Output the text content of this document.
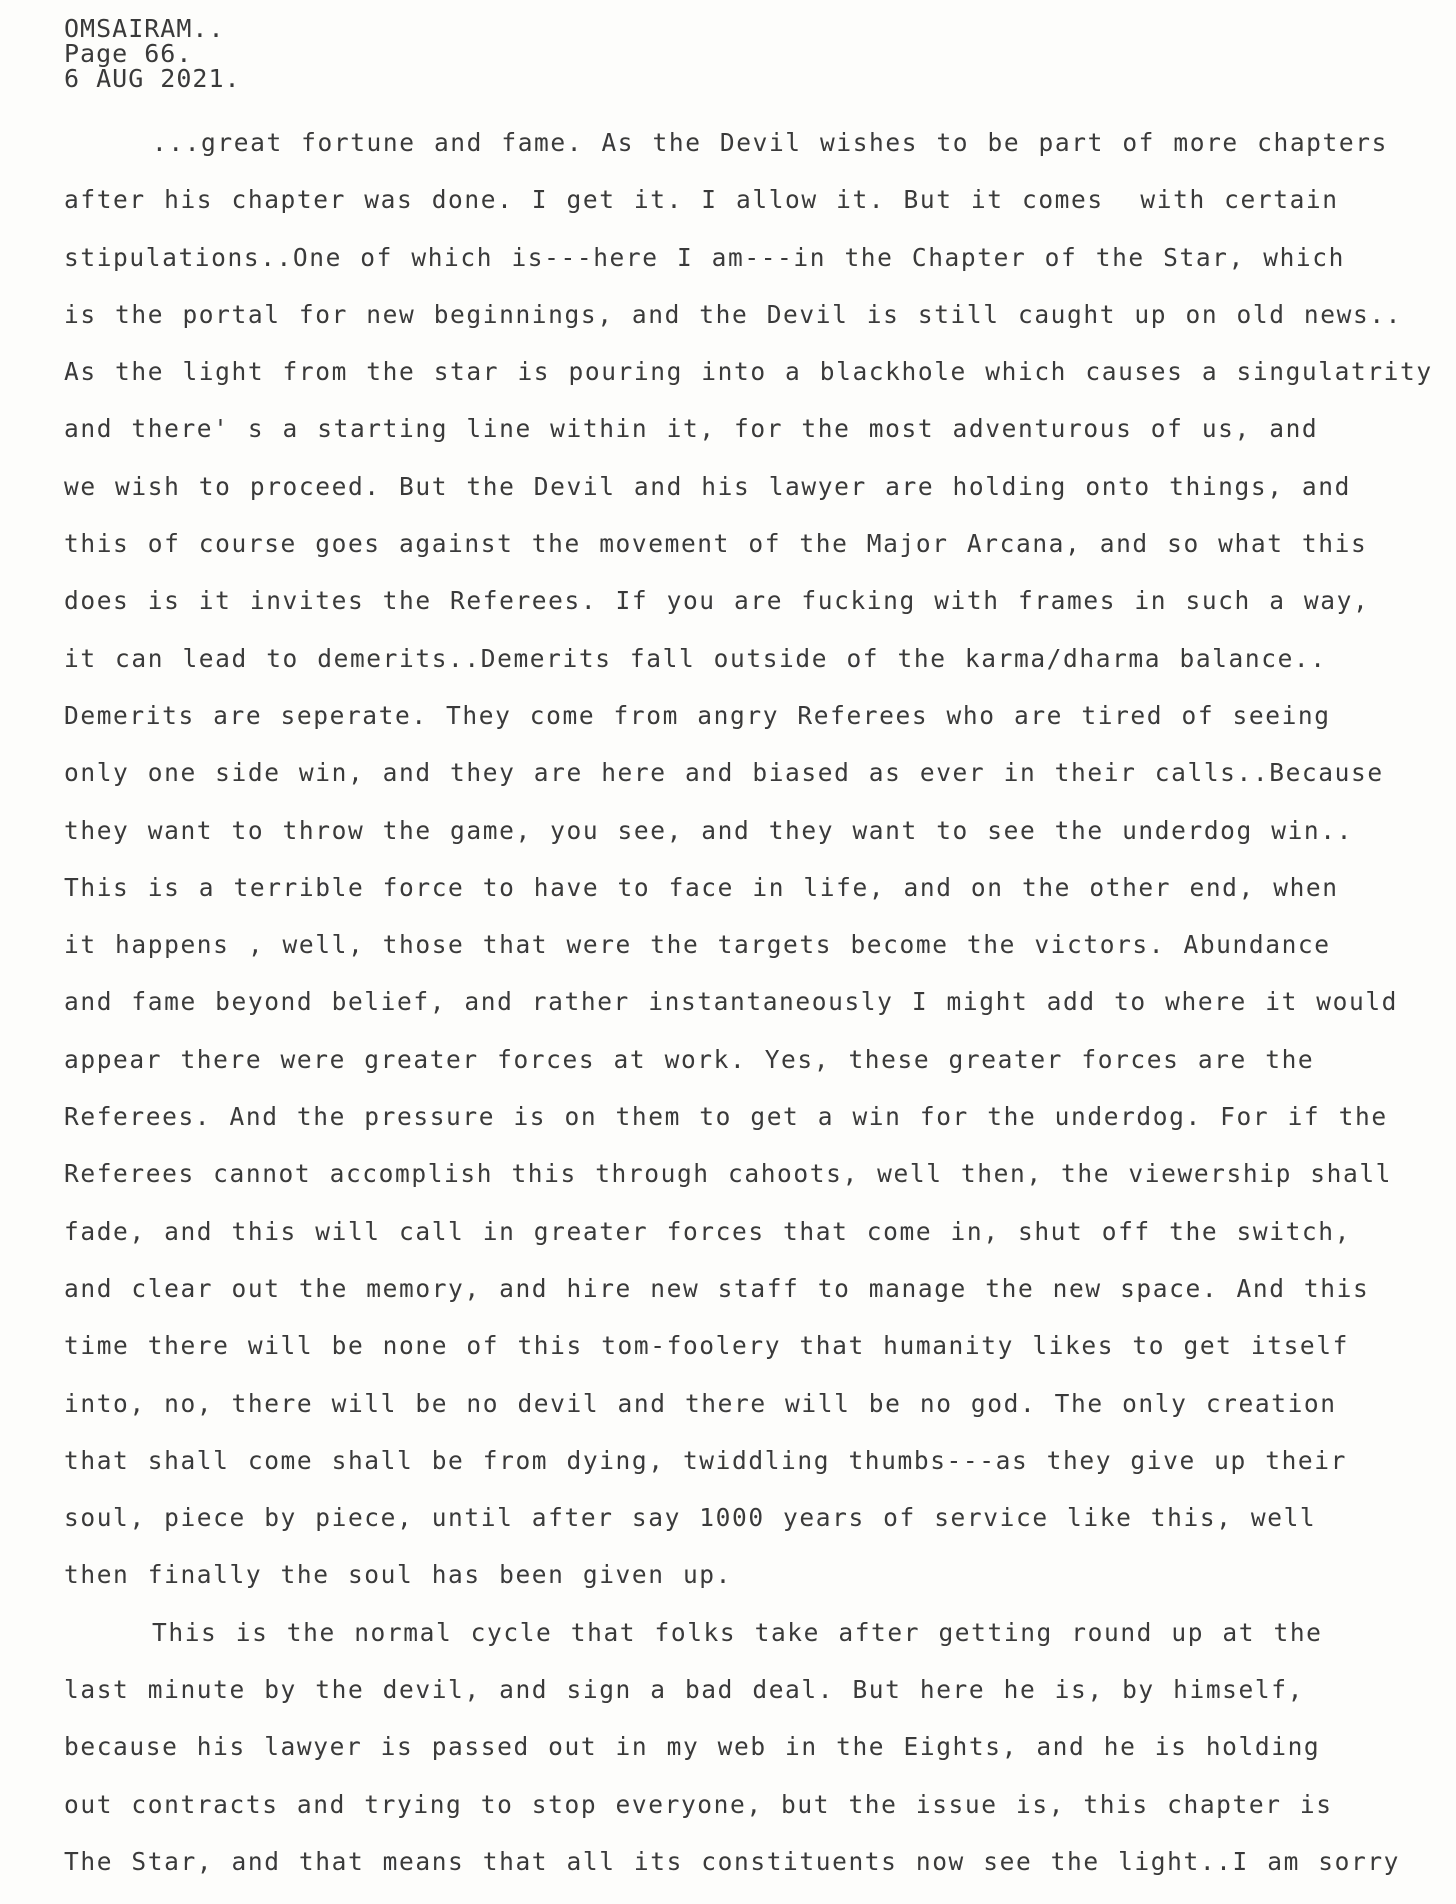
OMSAIRAM..
Page 66.
6 AUG 2021.
...great fortune and fame. As the Devil wishes to be part of more chapters
after his chapter was done. I get it. I allow it. But it comes  with certain
stipulations..One of which is---here I am---in the Chapter of the Star, which
is the portal for new beginnings, and the Devil is still caught up on old news..
As the light from the star is pouring into a blackhole which causes a singulatrity
and there' s a starting line within it, for the most adventurous of us, and
we wish to proceed. But the Devil and his lawyer are holding onto things, and
this of course goes against the movement of the Major Arcana, and so what this
does is it invites the Referees. If you are fucking with frames in such a way,
it can lead to demerits..Demerits fall outside of the karma/dharma balance..
Demerits are seperate. They come from angry Referees who are tired of seeing
only one side win, and they are here and biased as ever in their calls..Because
they want to throw the game, you see, and they want to see the underdog win..
This is a terrible force to have to face in life, and on the other end, when
it happens , well, those that were the targets become the victors. Abundance
and fame beyond belief, and rather instantaneously I might add to where it would
appear there were greater forces at work. Yes, these greater forces are the
Referees. And the pressure is on them to get a win for the underdog. For if the
Referees cannot accomplish this through cahoots, well then, the viewership shall
fade, and this will call in greater forces that come in, shut off the switch,
and clear out the memory, and hire new staff to manage the new space. And this
time there will be none of this tom-foolery that humanity likes to get itself
into, no, there will be no devil and there will be no god. The only creation
that shall come shall be from dying, twiddling thumbs---as they give up their
soul, piece by piece, until after say 1000 years of service like this, well
then finally the soul has been given up.
This is the normal cycle that folks take after getting round up at the
last minute by the devil, and sign a bad deal. But here he is, by himself,
because his lawyer is passed out in my web in the Eights, and he is holding
out contracts and trying to stop everyone, but the issue is, this chapter is
The Star, and that means that all its constituents now see the light..I am sorry
